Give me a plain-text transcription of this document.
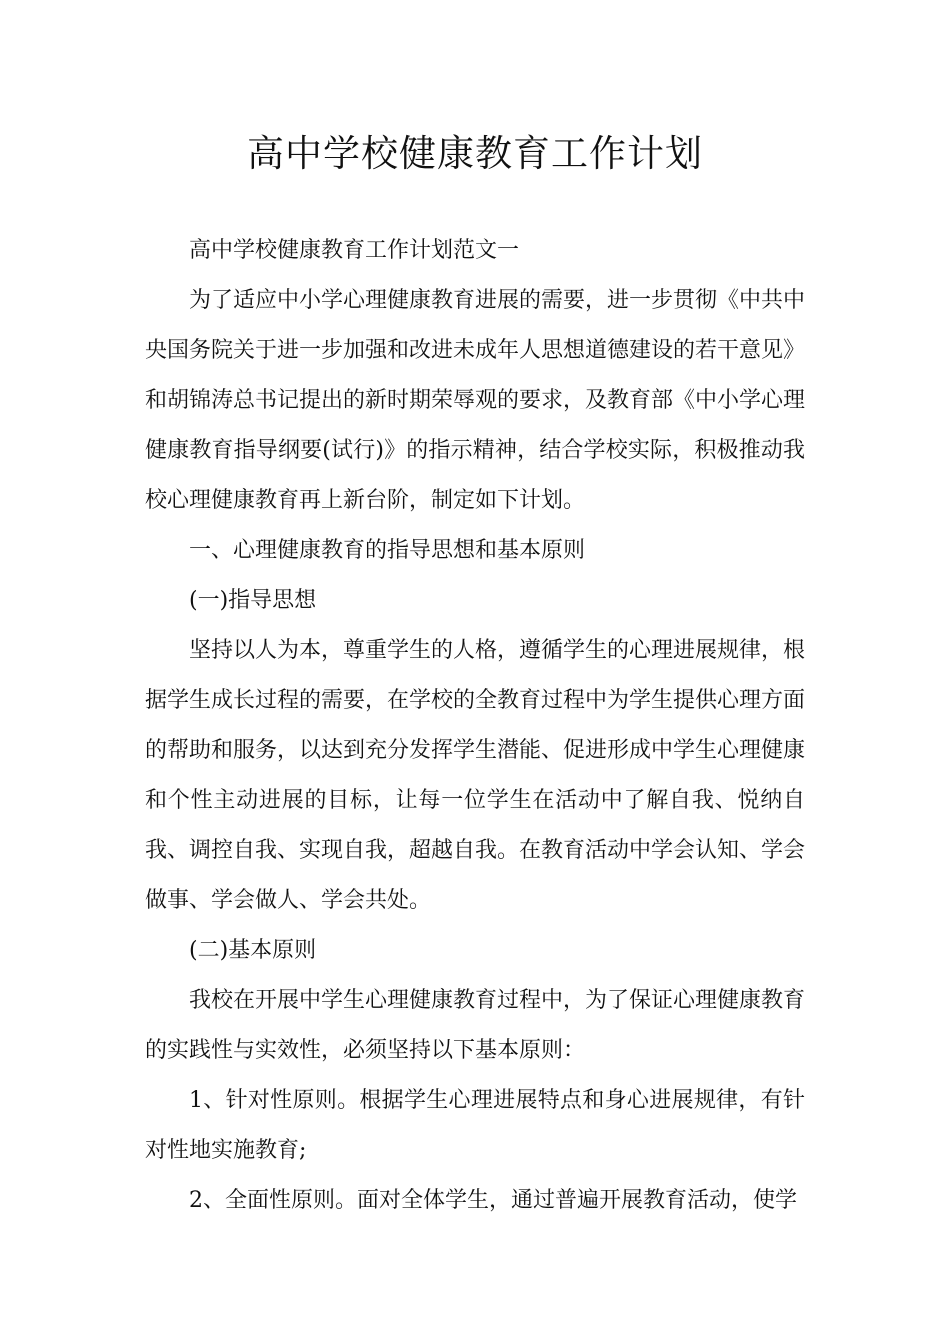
高中学校健康教育工作计划

高中学校健康教育工作计划范文一

为了适应中小学心理健康教育进展的需要，进一步贯彻《中共中央国务院关于进一步加强和改进未成年人思想道德建设的若干意见》和胡锦涛总书记提出的新时期荣辱观的要求，及教育部《中小学心理健康教育指导纲要(试行)》的指示精神，结合学校实际，积极推动我校心理健康教育再上新台阶，制定如下计划。

一、心理健康教育的指导思想和基本原则

(一)指导思想

坚持以人为本，尊重学生的人格，遵循学生的心理进展规律，根据学生成长过程的需要，在学校的全教育过程中为学生提供心理方面的帮助和服务，以达到充分发挥学生潜能、促进形成中学生心理健康和个性主动进展的目标，让每一位学生在活动中了解自我、悦纳自我、调控自我、实现自我，超越自我。在教育活动中学会认知、学会做事、学会做人、学会共处。

(二)基本原则

我校在开展中学生心理健康教育过程中，为了保证心理健康教育的实践性与实效性，必须坚持以下基本原则：

1、针对性原则。根据学生心理进展特点和身心进展规律，有针对性地实施教育;

2、全面性原则。面对全体学生，通过普遍开展教育活动，使学
